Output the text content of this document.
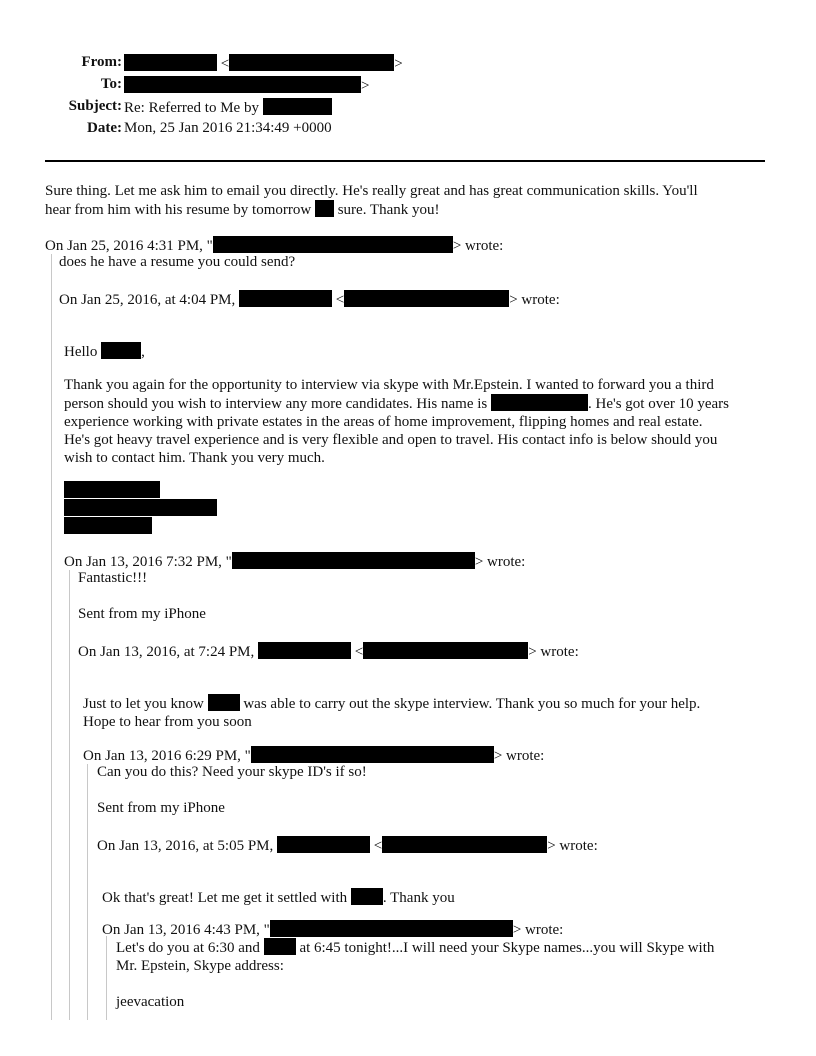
From:	<	>
To:	>
Subject: Re: Referred to Me by
Date: Mon, 25 Jan 2016 21:34:49 +0000
Sure thing. Let me ask him to email you directly. He's really great and has great communication skills. You'll
hear from him with his resume by tomorrow sure. Thank you!
On Jan 25, 2016 4:31 PM, "	> wrote:
does he have a resume you could send?
On Jan 25, 2016, at 4:04 PM,	<	> wrote:
Hello	,
Thank you again for the opportunity to interview via skype with Mr.Epstein. I wanted to forward you a third
person should you wish to interview any more candidates. His name is	. He's got over 10 years
experience working with private estates in the areas of home improvement, flipping homes and real estate.
He's got heavy travel experience and is very flexible and open to travel. His contact info is below should you
wish to contact him. Thank you very much.
On Jan 13, 2016 7:32 PM, "	> wrote:
Fantastic!!!
Sent from my iPhone
On Jan 13, 2016, at 7:24 PM,	<	> wrote:
Just to let you know	was able to carry out the skype interview. Thank you so much for your help.
Hope to hear from you soon
On Jan 13, 2016 6:29 PM, "	> wrote:
Can you do this? Need your skype ID's if so!
Sent from my iPhone
On Jan 13, 2016, at 5:05 PM,	<	> wrote:
Ok that's great! Let me get it settled with . Thank you
On Jan 13, 2016 4:43 PM, "	> wrote:
Let's do you at 6:30 and	at 6:45 tonight!...I will need your Skype names...you will Skype with
Mr. Epstein, Skype address:
jeevacation
